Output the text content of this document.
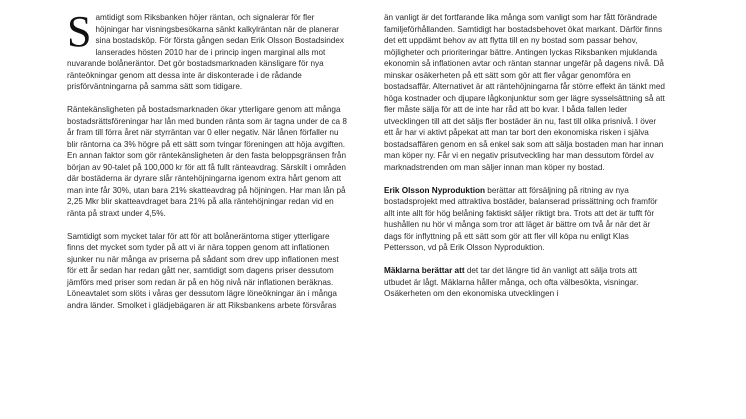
Samtidigt som Riksbanken höjer räntan, och signalerar för fler höjningar har visningsbesökarna sänkt kalkylräntan när de planerar sina bostadsköp. För första gången sedan Erik Olsson Bostadsindex lanserades hösten 2010 har de i princip ingen marginal alls mot nuvarande bolåneräntor. Det gör bostadsmarknaden känsligare för nya ränteökningar genom att dessa inte är diskonterade i de rådande prisförväntningarna på samma sätt som tidigare.

Räntekänsligheten på bostadsmarknaden ökar ytterligare genom att många bostadsrättsföreningar har lån med bunden ränta som är tagna under de ca 8 år fram till förra året när styrräntan var 0 eller negativ. När lånen förfaller nu blir räntorna ca 3% högre på ett sätt som tvingar föreningen att höja avgiften. En annan faktor som gör räntekänsligheten är den fasta beloppsgränsen från början av 90-talet på 100,000 kr för att få fullt ränteavdrag. Särskilt i områden där bostäderna är dyrare slår räntehöjningarna igenom extra hårt genom att man inte får 30%, utan bara 21% skatteavdrag på höjningen. Har man lån på 2,25 Mkr blir skatteavdraget bara 21% på alla räntehöjningar redan vid en ränta på straxt under 4,5%.

Samtidigt som mycket talar för att för att bolåneräntorna stiger ytterligare finns det mycket som tyder på att vi är nära toppen genom att inflationen sjunker nu när många av priserna på sådant som drev upp inflationen mest för ett år sedan har redan gått ner, samtidigt som dagens priser dessutom jämförs med priser som redan är på en hög nivå när inflationen beräknas. Löneavtalet som slöts i våras ger dessutom lägre löneökningar än i många andra länder. Smolket i glädjebägaren är att Riksbankens arbete försvåras

än vanligt är det fortfarande lika många som vanligt som har fått förändrade familjeförhållanden. Samtidigt har bostadsbehovet ökat markant. Därför finns det ett uppdämt behov av att flytta till en ny bostad som passar behov, möjligheter och prioriteringar bättre. Antingen lyckas Riksbanken mjuklanda ekonomin så inflationen avtar och räntan stannar ungefär på dagens nivå. Då minskar osäkerheten på ett sätt som gör att fler vågar genomföra en bostadsaffär. Alternativet är att räntehöjningarna får större effekt än tänkt med höga kostnader och djupare lågkonjunktur som ger lägre sysselsättning så att fler måste sälja för att de inte har råd att bo kvar. I båda fallen leder utvecklingen till att det säljs fler bostäder än nu, fast till olika prisnivå. I över ett år har vi aktivt påpekat att man tar bort den ekonomiska risken i själva bostadsaffären genom en så enkel sak som att sälja bostaden man har innan man köper ny. Får vi en negativ prisutveckling har man dessutom fördel av marknadstrenden om man säljer innan man köper ny bostad.

Erik Olsson Nyproduktion berättar att försäljning på ritning av nya bostadsprojekt med attraktiva bostäder, balanserad prissättning och framför allt inte allt för hög belåning faktiskt säljer riktigt bra. Trots att det är tufft för hushållen nu hör vi många som tror att läget är bättre om två år när det är dags för inflyttning på ett sätt som gör att fler vill köpa nu enligt Klas Pettersson, vd på Erik Olsson Nyproduktion.

Mäklarna berättar att det tar det längre tid än vanligt att sälja trots att utbudet är lågt. Mäklarna håller många, och ofta välbesökta, visningar. Osäkerheten om den ekonomiska utvecklingen i
